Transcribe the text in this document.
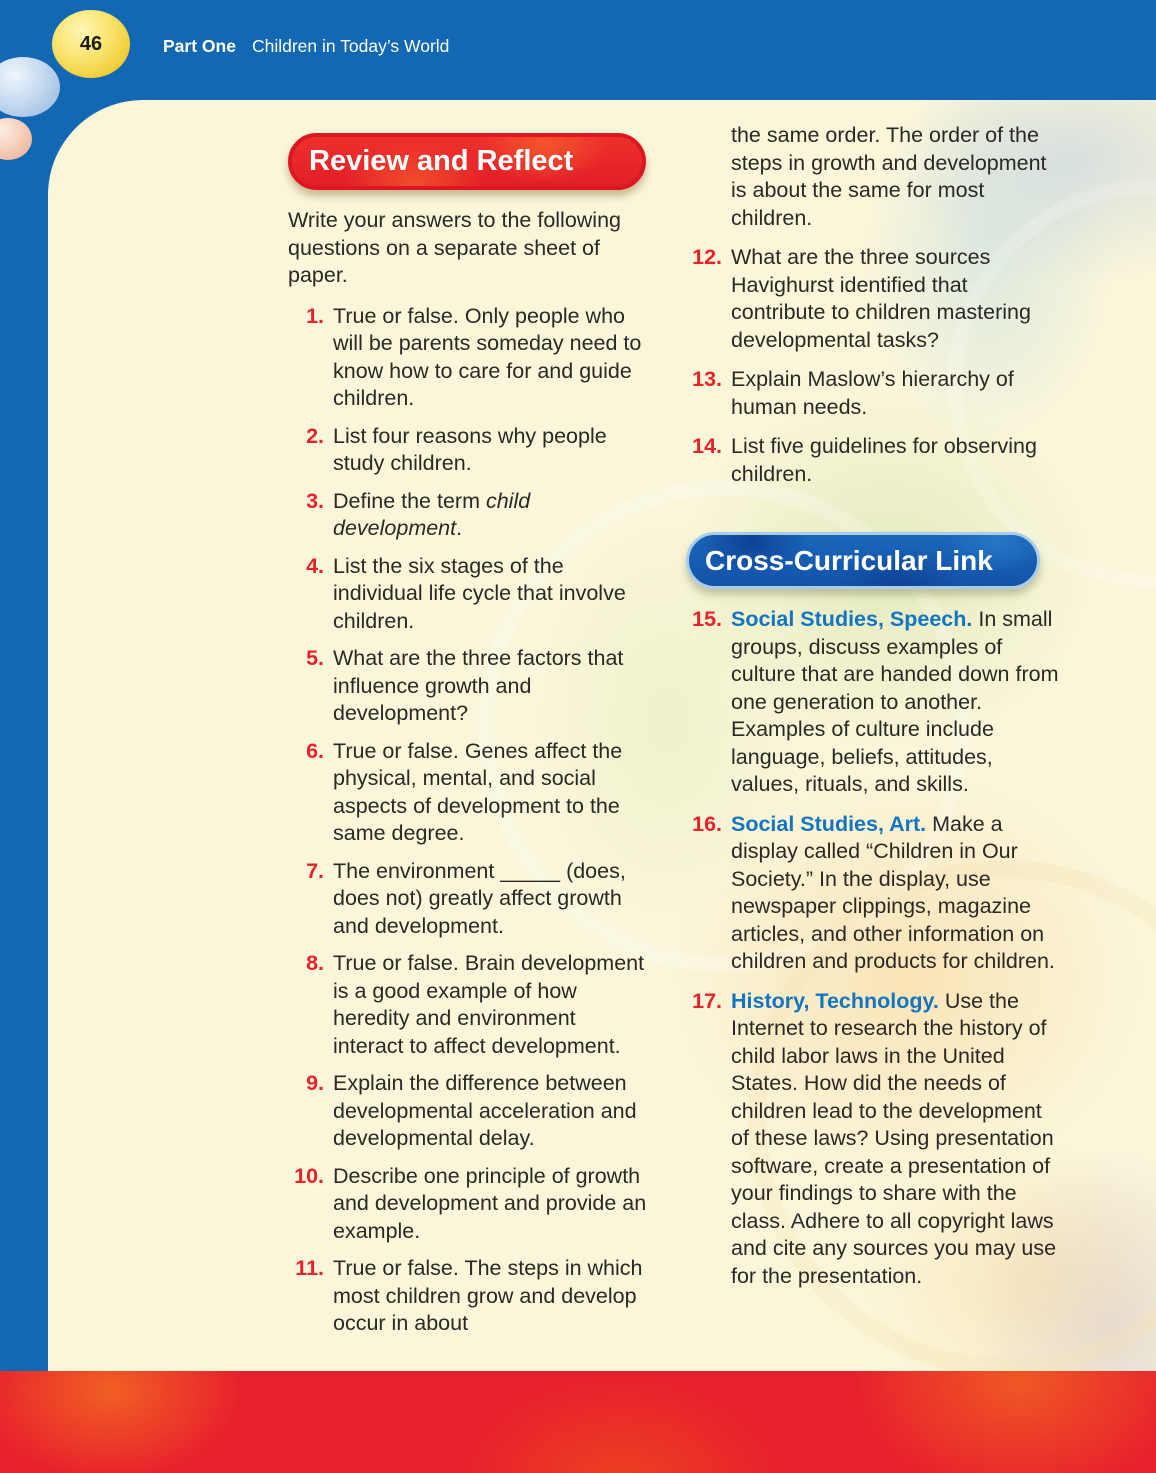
46	Part One Children in Today’s World
Review and Reflect

Write your answers to the following questions on a separate sheet of paper.

1. True or false. Only people who will be parents someday need to know how to care for and guide children.
2. List four reasons why people study children.
3. Define the term child development.
4. List the six stages of the individual life cycle that involve children.
5. What are the three factors that influence growth and development?
6. True or false. Genes affect the physical, mental, and social aspects of development to the same degree.
7. The environment _____ (does, does not) greatly affect growth and development.
8. True or false. Brain development is a good example of how heredity and environment interact to affect development.
9. Explain the difference between developmental acceleration and developmental delay.
10. Describe one principle of growth and development and provide an example.
11. True or false. The steps in which most children grow and develop occur in about
the same order. The order of the steps in growth and development is about the same for most children.
12. What are the three sources Havighurst identified that contribute to children mastering developmental tasks?
13. Explain Maslow’s hierarchy of human needs.
14. List five guidelines for observing children.
Cross-Curricular Link
15. Social Studies, Speech. In small groups, discuss examples of culture that are handed down from one generation to another. Examples of culture include language, beliefs, attitudes, values, rituals, and skills.
16. Social Studies, Art. Make a display called “Children in Our Society.” In the display, use newspaper clippings, magazine articles, and other information on children and products for children.
17. History, Technology. Use the Internet to research the history of child labor laws in the United States. How did the needs of children lead to the development of these laws? Using presentation software, create a presentation of your findings to share with the class. Adhere to all copyright laws and cite any sources you may use for the presentation.
